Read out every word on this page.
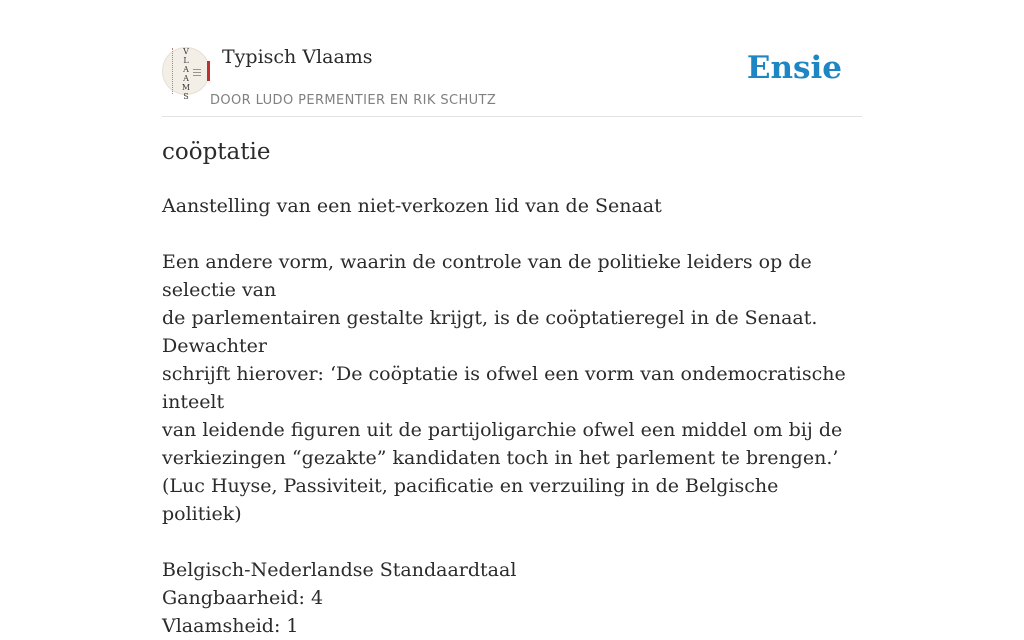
V
L
A
A
M
S
Typisch Vlaams
DOOR LUDO PERMENTIER EN RIK SCHUTZ
Ensie
coöptatie

Aanstelling van een niet-verkozen lid van de Senaat

Een andere vorm, waarin de controle van de politieke leiders op de selectie van

de parlementairen gestalte krijgt, is de coöptatieregel in de Senaat. Dewachter

schrijft hierover: ‘De coöptatie is ofwel een vorm van ondemocratische inteelt

van leidende figuren uit de partijoligarchie ofwel een middel om bij de

verkiezingen “gezakte” kandidaten toch in het parlement te brengen.’

(Luc Huyse, Passiviteit, pacificatie en verzuiling in de Belgische politiek)

Belgisch-Nederlandse Standaardtaal

Gangbaarheid: 4

Vlaamsheid: 1
